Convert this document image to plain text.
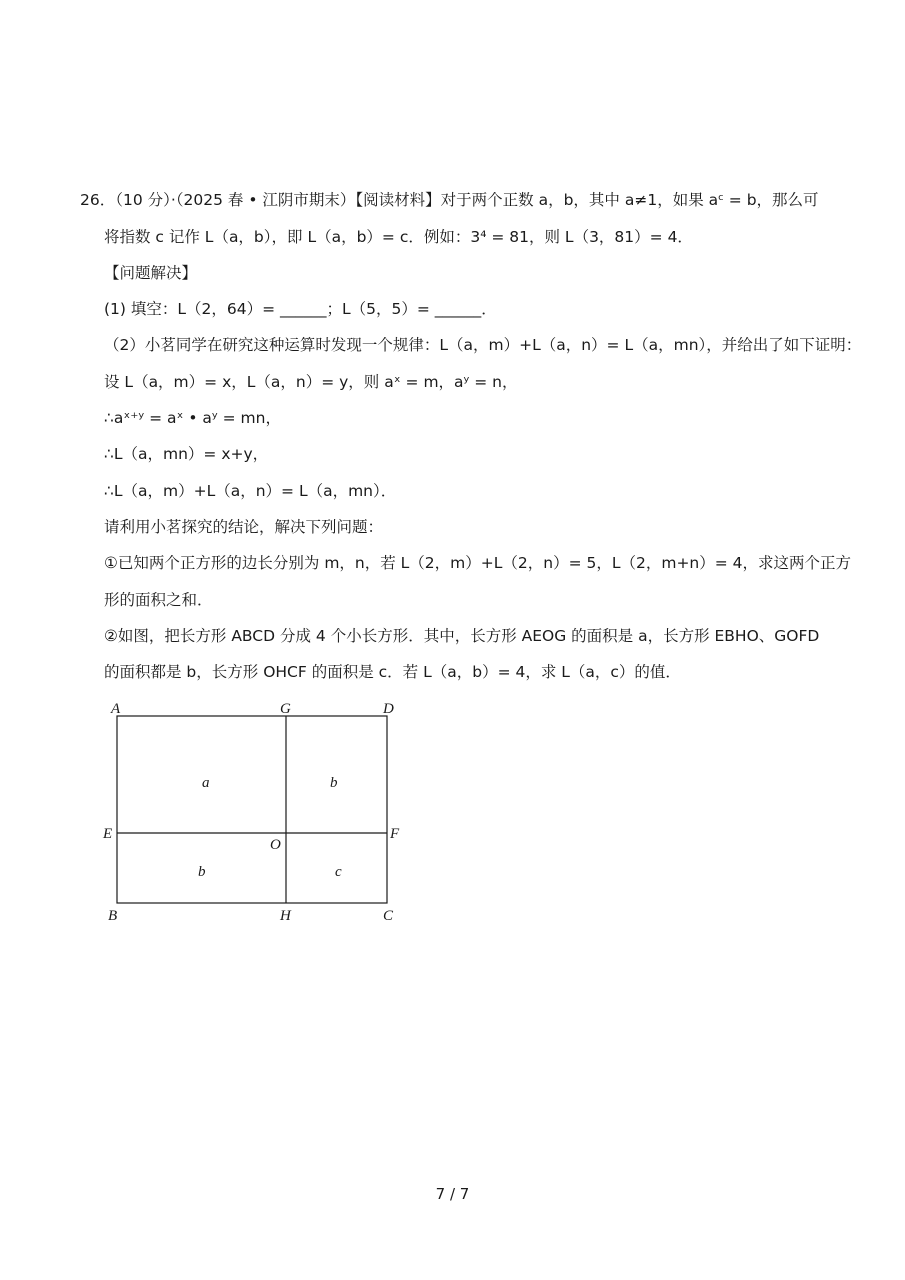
26．（10 分）·（2025 春 • 江阴市期末）【阅读材料】对于两个正数 a，b，其中 a≠1，如果 aᶜ = b，那么可
将指数 c 记作 L（a，b），即 L（a，b）= c．例如：3⁴ = 81，则 L（3，81）= 4．
【问题解决】
(1) 填空：L（2，64）= ______；L（5，5）= ______．
（2）小茗同学在研究这种运算时发现一个规律：L（a，m）+L（a，n）= L（a，mn），并给出了如下证明：
设 L（a，m）= x，L（a，n）= y，则 aˣ = m，aʸ = n，
∴aˣ⁺ʸ = aˣ • aʸ = mn，
∴L（a，mn）= x+y，
∴L（a，m）+L（a，n）= L（a，mn）．
请利用小茗探究的结论，解决下列问题：
①已知两个正方形的边长分别为 m，n，若 L（2，m）+L（2，n）= 5，L（2，m+n）= 4，求这两个正方
形的面积之和．
②如图，把长方形 ABCD 分成 4 个小长方形．其中，长方形 AEOG 的面积是 a，长方形 EBHO、GOFD
的面积都是 b，长方形 OHCF 的面积是 c．若 L（a，b）= 4，求 L（a，c）的值．
A	G	D
E
O
F
B	H	C
a	b
b	c
7 / 7
